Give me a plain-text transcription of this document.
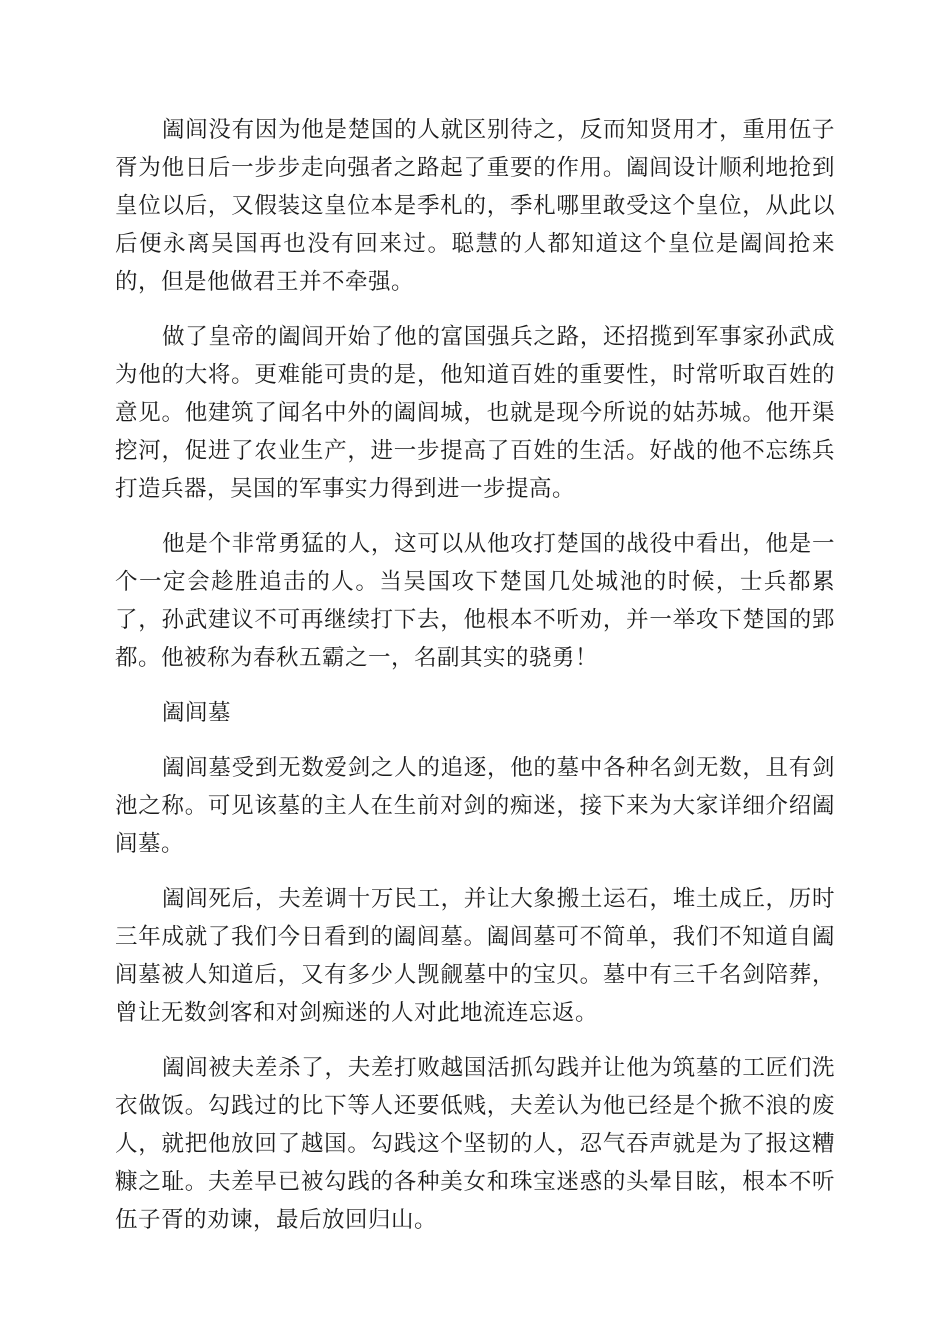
阖闾没有因为他是楚国的人就区别待之，反而知贤用才，重用伍子胥为他日后一步步走向强者之路起了重要的作用。阖闾设计顺利地抢到皇位以后，又假装这皇位本是季札的，季札哪里敢受这个皇位，从此以后便永离吴国再也没有回来过。聪慧的人都知道这个皇位是阖闾抢来的，但是他做君王并不牵强。

做了皇帝的阖闾开始了他的富国强兵之路，还招揽到军事家孙武成为他的大将。更难能可贵的是，他知道百姓的重要性，时常听取百姓的意见。他建筑了闻名中外的阖闾城，也就是现今所说的姑苏城。他开渠挖河，促进了农业生产，进一步提高了百姓的生活。好战的他不忘练兵打造兵器，吴国的军事实力得到进一步提高。

他是个非常勇猛的人，这可以从他攻打楚国的战役中看出，他是一个一定会趁胜追击的人。当吴国攻下楚国几处城池的时候，士兵都累了，孙武建议不可再继续打下去，他根本不听劝，并一举攻下楚国的郢都。他被称为春秋五霸之一，名副其实的骁勇！

阖闾墓

阖闾墓受到无数爱剑之人的追逐，他的墓中各种名剑无数，且有剑池之称。可见该墓的主人在生前对剑的痴迷，接下来为大家详细介绍阖闾墓。

阖闾死后，夫差调十万民工，并让大象搬土运石，堆土成丘，历时三年成就了我们今日看到的阖闾墓。阖闾墓可不简单，我们不知道自阖闾墓被人知道后，又有多少人觊觎墓中的宝贝。墓中有三千名剑陪葬，曾让无数剑客和对剑痴迷的人对此地流连忘返。

阖闾被夫差杀了，夫差打败越国活抓勾践并让他为筑墓的工匠们洗衣做饭。勾践过的比下等人还要低贱，夫差认为他已经是个掀不浪的废人，就把他放回了越国。勾践这个坚韧的人，忍气吞声就是为了报这糟糠之耻。夫差早已被勾践的各种美女和珠宝迷惑的头晕目眩，根本不听伍子胥的劝谏，最后放回归山。
